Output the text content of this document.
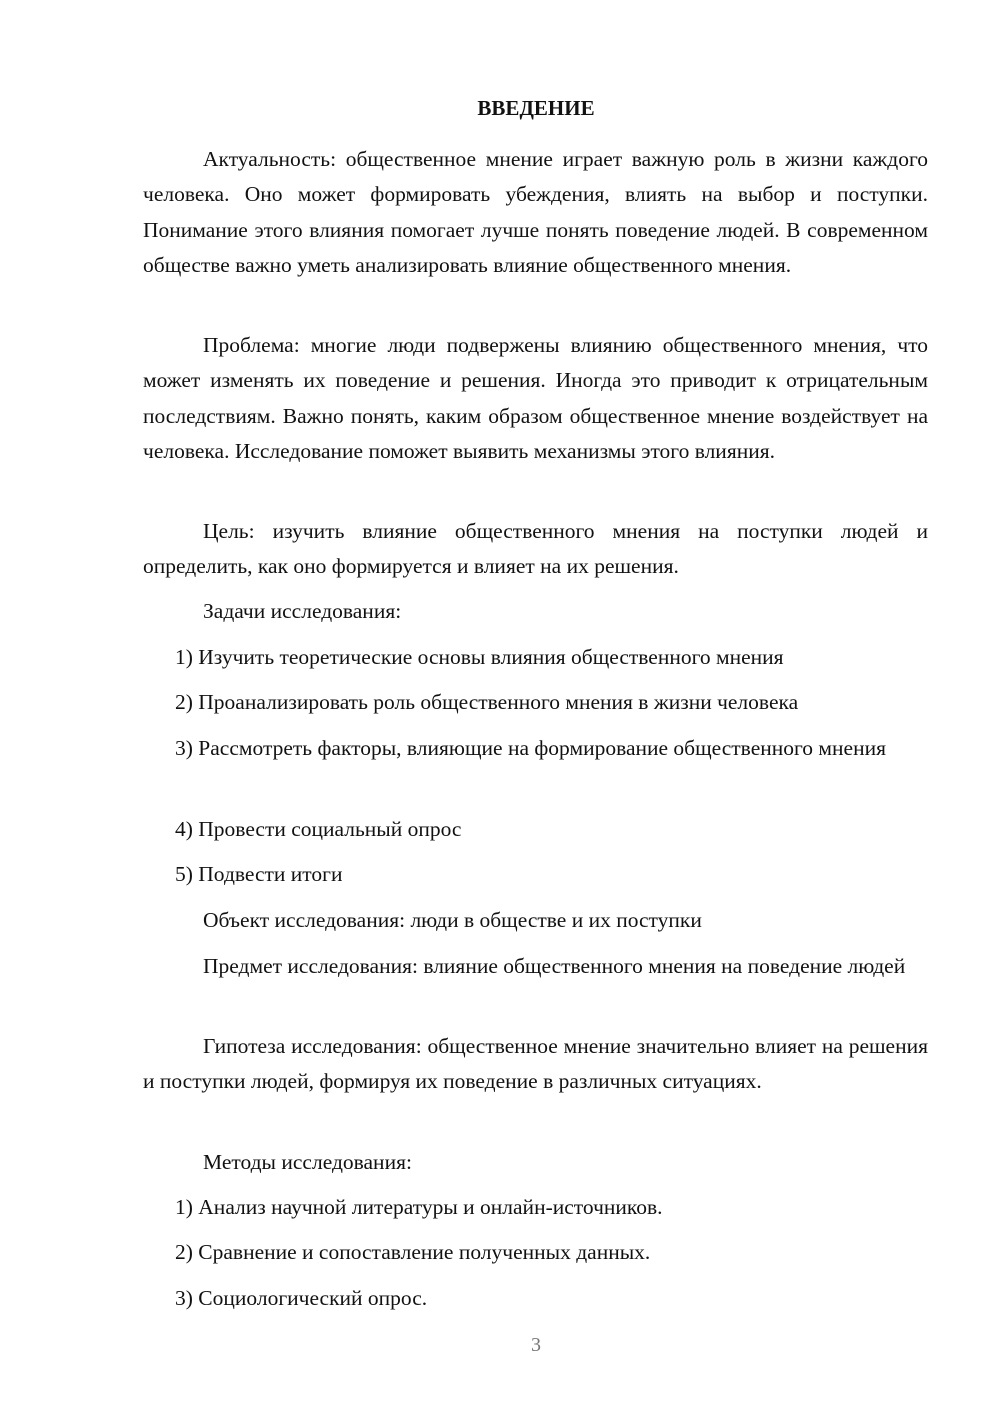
ВВЕДЕНИЕ
Актуальность: общественное мнение играет важную роль в жизни каждого человека. Оно может формировать убеждения, влиять на выбор и поступки. Понимание этого влияния помогает лучше понять поведение людей. В современном обществе важно уметь анализировать влияние общественного мнения.
Проблема: многие люди подвержены влиянию общественного мнения, что может изменять их поведение и решения. Иногда это приводит к отрицательным последствиям. Важно понять, каким образом общественное мнение воздействует на человека. Исследование поможет выявить механизмы этого влияния.
Цель: изучить влияние общественного мнения на поступки людей и определить, как оно формируется и влияет на их решения.
Задачи исследования:
1) Изучить теоретические основы влияния общественного мнения
2) Проанализировать роль общественного мнения в жизни человека
3) Рассмотреть факторы, влияющие на формирование общественного мнения
4) Провести социальный опрос
5) Подвести итоги
Объект исследования: люди в обществе и их поступки
Предмет исследования: влияние общественного мнения на поведение людей
Гипотеза исследования: общественное мнение значительно влияет на решения и поступки людей, формируя их поведение в различных ситуациях.
Методы исследования:
1) Анализ научной литературы и онлайн-источников.
2) Сравнение и сопоставление полученных данных.
3) Социологический опрос.
3
